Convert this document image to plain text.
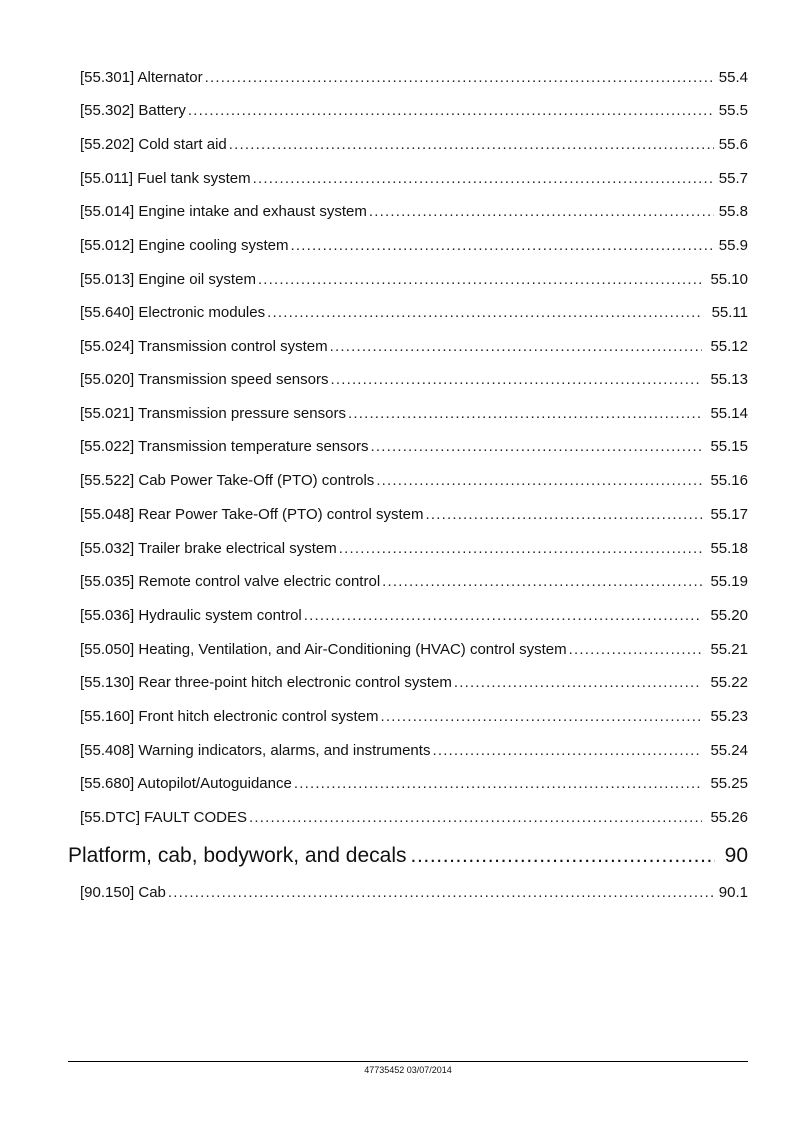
[55.301] Alternator .....	55.4
[55.302] Battery .....	55.5
[55.202] Cold start aid .....	55.6
[55.011] Fuel tank system .....	55.7
[55.014] Engine intake and exhaust system .....	55.8
[55.012] Engine cooling system .....	55.9
[55.013] Engine oil system .....	55.10
[55.640] Electronic modules .....	55.11
[55.024] Transmission control system .....	55.12
[55.020] Transmission speed sensors .....	55.13
[55.021] Transmission pressure sensors .....	55.14
[55.022] Transmission temperature sensors .....	55.15
[55.522] Cab Power Take-Off (PTO) controls .....	55.16
[55.048] Rear Power Take-Off (PTO) control system .....	55.17
[55.032] Trailer brake electrical system .....	55.18
[55.035] Remote control valve electric control .....	55.19
[55.036] Hydraulic system control .....	55.20
[55.050] Heating, Ventilation, and Air-Conditioning (HVAC) control system .....	55.21
[55.130] Rear three-point hitch electronic control system .....	55.22
[55.160] Front hitch electronic control system .....	55.23
[55.408] Warning indicators, alarms, and instruments .....	55.24
[55.680] Autopilot/Autoguidance .....	55.25
[55.DTC] FAULT CODES .....	55.26
Platform, cab, bodywork, and decals .....	90
[90.150] Cab .....	90.1
47735452 03/07/2014
